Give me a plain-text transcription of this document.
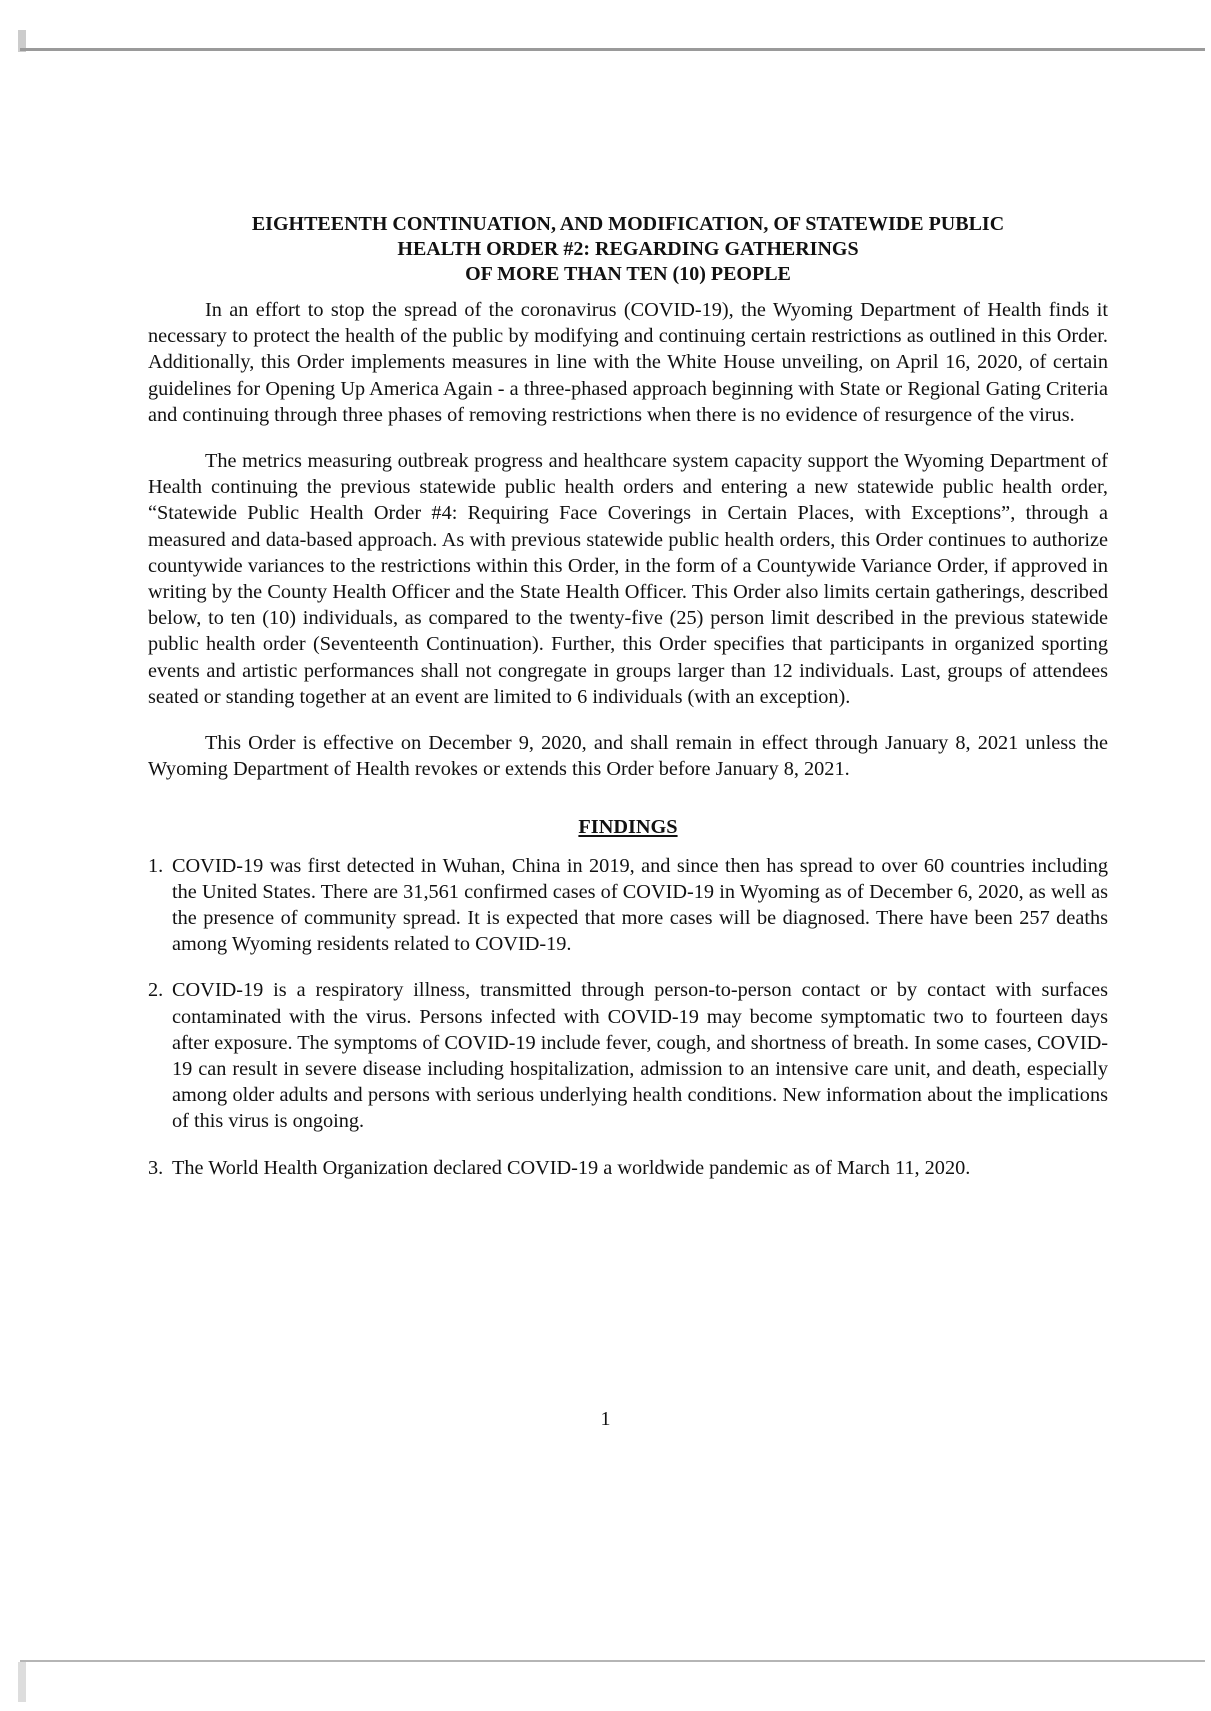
EIGHTEENTH CONTINUATION, AND MODIFICATION, OF STATEWIDE PUBLIC
HEALTH ORDER #2: REGARDING GATHERINGS
OF MORE THAN TEN (10) PEOPLE

In an effort to stop the spread of the coronavirus (COVID-19), the Wyoming Department of Health finds it necessary to protect the health of the public by modifying and continuing certain restrictions as outlined in this Order. Additionally, this Order implements measures in line with the White House unveiling, on April 16, 2020, of certain guidelines for Opening Up America Again - a three-phased approach beginning with State or Regional Gating Criteria and continuing through three phases of removing restrictions when there is no evidence of resurgence of the virus.

The metrics measuring outbreak progress and healthcare system capacity support the Wyoming Department of Health continuing the previous statewide public health orders and entering a new statewide public health order, “Statewide Public Health Order #4: Requiring Face Coverings in Certain Places, with Exceptions”, through a measured and data-based approach. As with previous statewide public health orders, this Order continues to authorize countywide variances to the restrictions within this Order, in the form of a Countywide Variance Order, if approved in writing by the County Health Officer and the State Health Officer. This Order also limits certain gatherings, described below, to ten (10) individuals, as compared to the twenty-five (25) person limit described in the previous statewide public health order (Seventeenth Continuation). Further, this Order specifies that participants in organized sporting events and artistic performances shall not congregate in groups larger than 12 individuals. Last, groups of attendees seated or standing together at an event are limited to 6 individuals (with an exception).

This Order is effective on December 9, 2020, and shall remain in effect through January 8, 2021 unless the Wyoming Department of Health revokes or extends this Order before January 8, 2021.

FINDINGS
1. COVID-19 was first detected in Wuhan, China in 2019, and since then has spread to over 60 countries including the United States. There are 31,561 confirmed cases of COVID-19 in Wyoming as of December 6, 2020, as well as the presence of community spread. It is expected that more cases will be diagnosed. There have been 257 deaths among Wyoming residents related to COVID-19.
2. COVID-19 is a respiratory illness, transmitted through person-to-person contact or by contact with surfaces contaminated with the virus. Persons infected with COVID-19 may become symptomatic two to fourteen days after exposure. The symptoms of COVID-19 include fever, cough, and shortness of breath. In some cases, COVID-19 can result in severe disease including hospitalization, admission to an intensive care unit, and death, especially among older adults and persons with serious underlying health conditions. New information about the implications of this virus is ongoing.
3. The World Health Organization declared COVID-19 a worldwide pandemic as of March 11, 2020.
1
